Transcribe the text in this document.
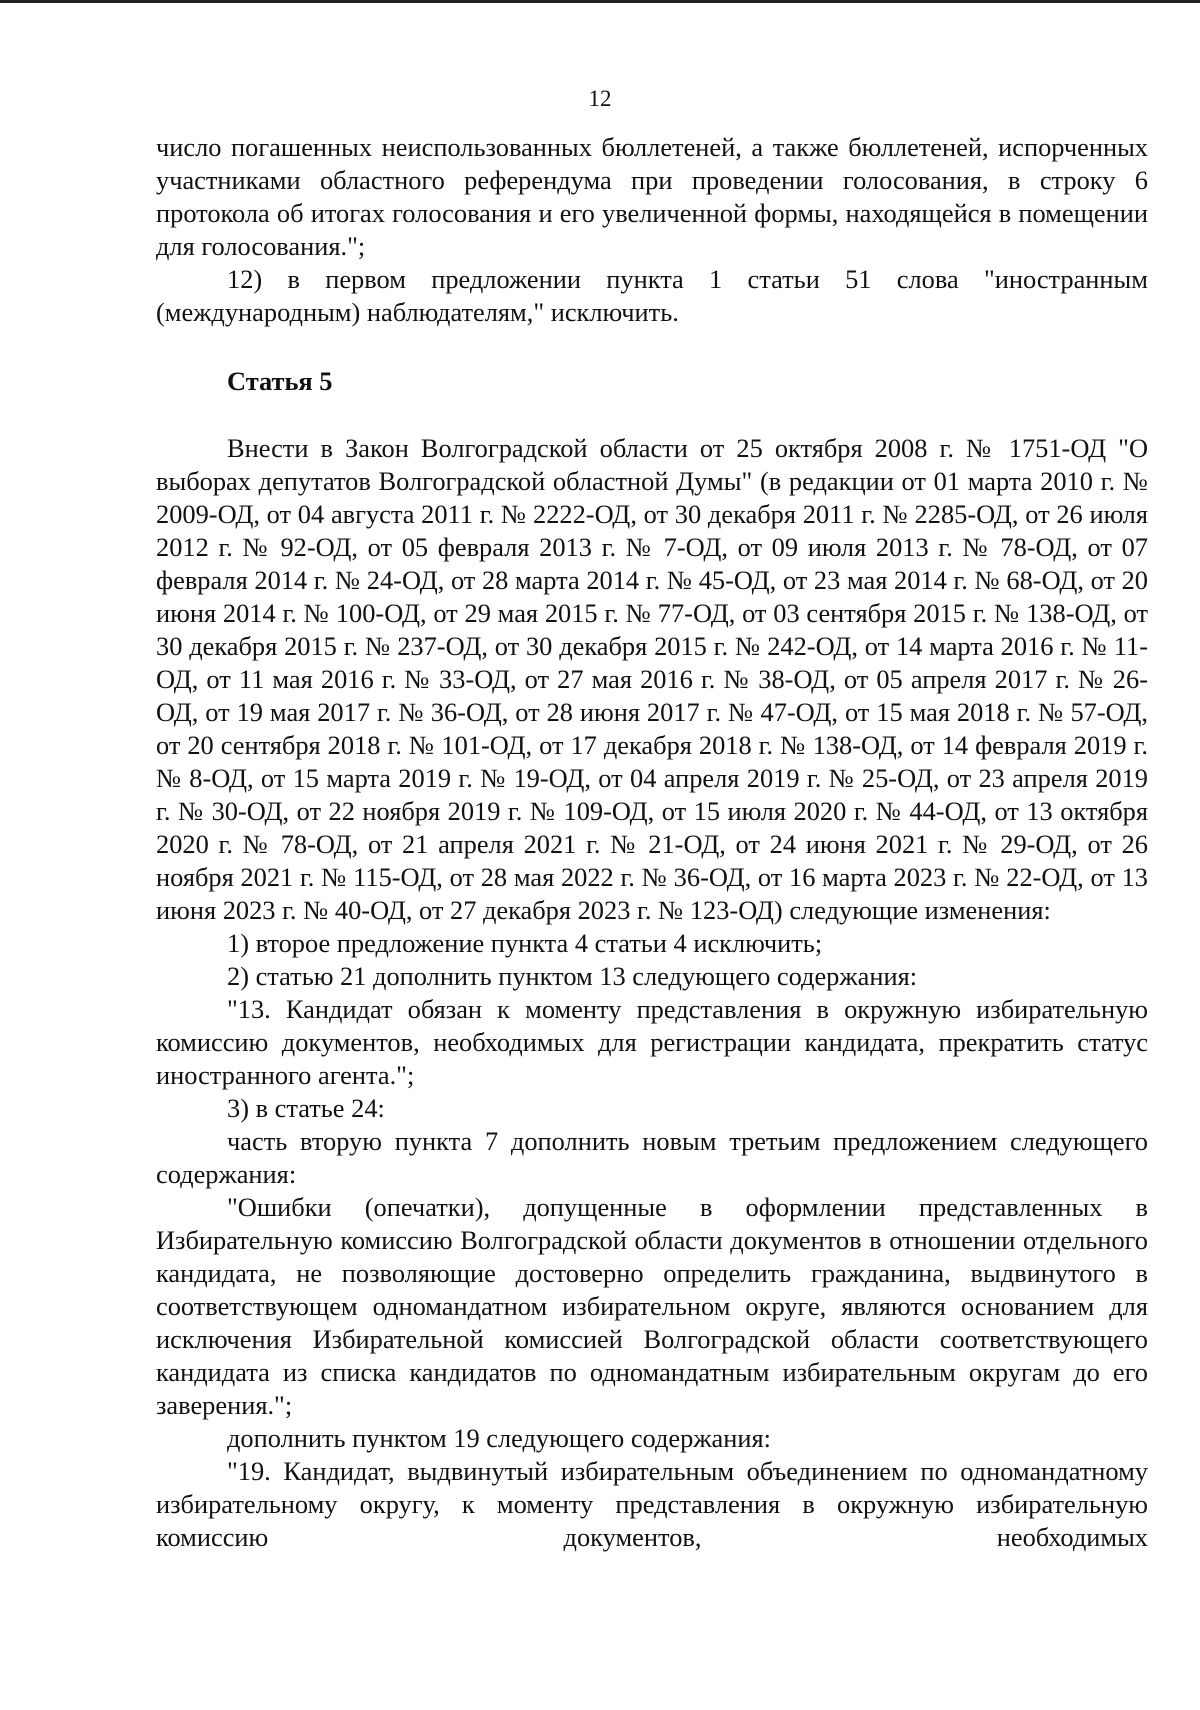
12

число погашенных неиспользованных бюллетеней, а также бюллетеней, испорченных участниками областного референдума при проведении голосования, в строку 6 протокола об итогах голосования и его увеличенной формы, находящейся в помещении для голосования.";

12) в первом предложении пункта 1 статьи 51 слова "иностранным (международным) наблюдателям," исключить.

Статья 5

Внести в Закон Волгоградской области от 25 октября 2008 г. № 1751-ОД "О выборах депутатов Волгоградской областной Думы" (в редакции от 01 марта 2010 г. № 2009-ОД, от 04 августа 2011 г. № 2222-ОД, от 30 декабря 2011 г. № 2285-ОД, от 26 июля 2012 г. № 92-ОД, от 05 февраля 2013 г. № 7-ОД, от 09 июля 2013 г. № 78-ОД, от 07 февраля 2014 г. № 24-ОД, от 28 марта 2014 г. № 45-ОД, от 23 мая 2014 г. № 68-ОД, от 20 июня 2014 г. № 100-ОД, от 29 мая 2015 г. № 77-ОД, от 03 сентября 2015 г. № 138-ОД, от 30 декабря 2015 г. № 237-ОД, от 30 декабря 2015 г. № 242-ОД, от 14 марта 2016 г. № 11-ОД, от 11 мая 2016 г. № 33-ОД, от 27 мая 2016 г. № 38-ОД, от 05 апреля 2017 г. № 26-ОД, от 19 мая 2017 г. № 36-ОД, от 28 июня 2017 г. № 47-ОД, от 15 мая 2018 г. № 57-ОД, от 20 сентября 2018 г. № 101-ОД, от 17 декабря 2018 г. № 138-ОД, от 14 февраля 2019 г. № 8-ОД, от 15 марта 2019 г. № 19-ОД, от 04 апреля 2019 г. № 25-ОД, от 23 апреля 2019 г. № 30-ОД, от 22 ноября 2019 г. № 109-ОД, от 15 июля 2020 г. № 44-ОД, от 13 октября 2020 г. № 78-ОД, от 21 апреля 2021 г. № 21-ОД, от 24 июня 2021 г. № 29-ОД, от 26 ноября 2021 г. № 115-ОД, от 28 мая 2022 г. № 36-ОД, от 16 марта 2023 г. № 22-ОД, от 13 июня 2023 г. № 40-ОД, от 27 декабря 2023 г. № 123-ОД) следующие изменения:

1) второе предложение пункта 4 статьи 4 исключить;

2) статью 21 дополнить пунктом 13 следующего содержания:

"13. Кандидат обязан к моменту представления в окружную избирательную комиссию документов, необходимых для регистрации кандидата, прекратить статус иностранного агента.";

3) в статье 24:

часть вторую пункта 7 дополнить новым третьим предложением следующего содержания:

"Ошибки (опечатки), допущенные в оформлении представленных в Избирательную комиссию Волгоградской области документов в отношении отдельного кандидата, не позволяющие достоверно определить гражданина, выдвинутого в соответствующем одномандатном избирательном округе, являются основанием для исключения Избирательной комиссией Волгоградской области соответствующего кандидата из списка кандидатов по одномандатным избирательным округам до его заверения.";

дополнить пунктом 19 следующего содержания:

"19. Кандидат, выдвинутый избирательным объединением по одномандатному избирательному округу, к моменту представления в окружную избирательную комиссию документов, необходимых
